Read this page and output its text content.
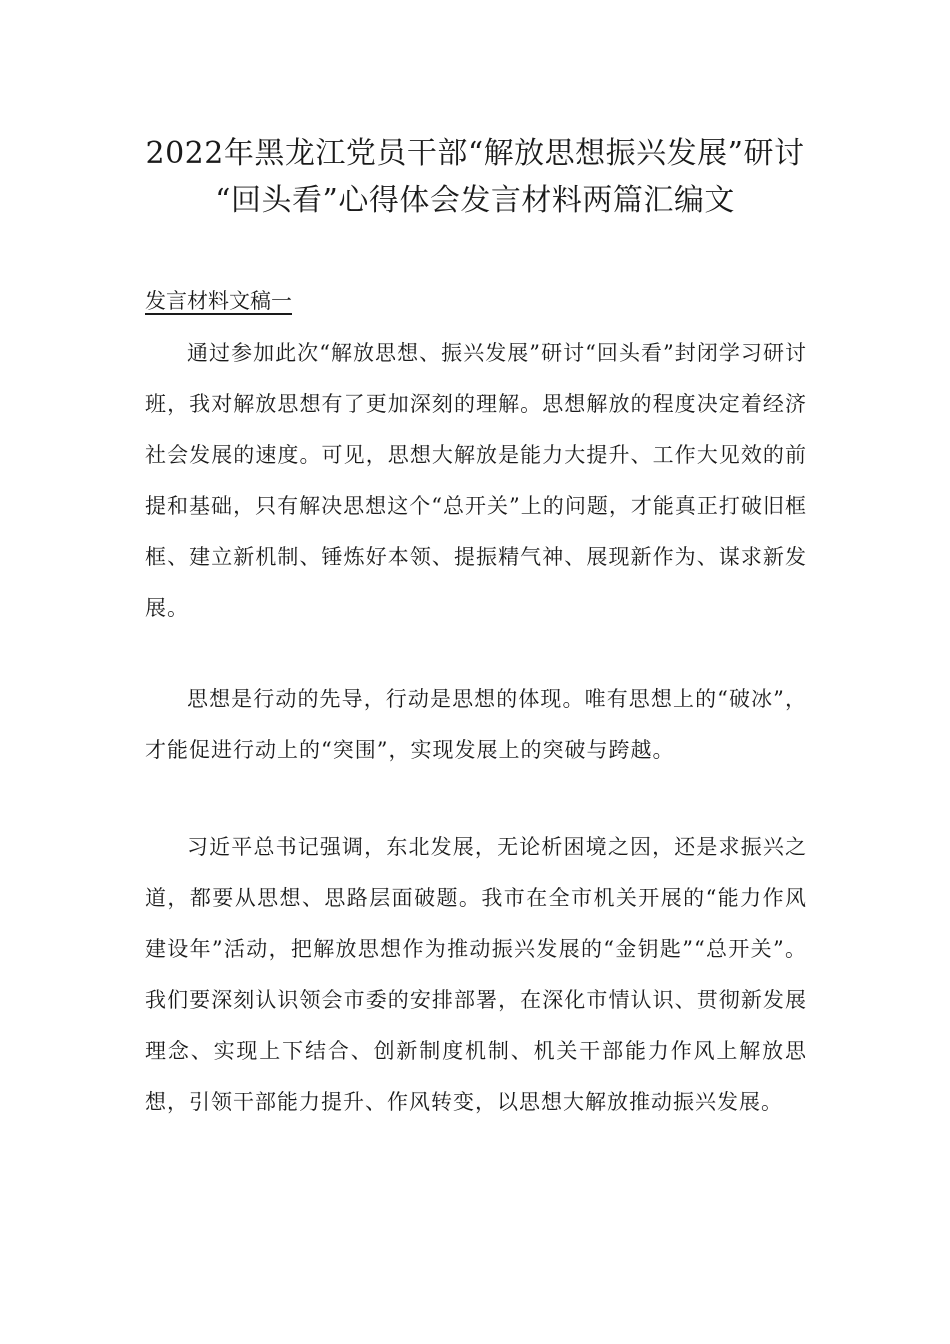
2022年黑龙江党员干部“解放思想振兴发展”研讨
“回头看”心得体会发言材料两篇汇编文
发言材料文稿一

通过参加此次“解放思想、振兴发展”研讨“回头看”封闭学习研讨班，我对解放思想有了更加深刻的理解。思想解放的程度决定着经济社会发展的速度。可见，思想大解放是能力大提升、工作大见效的前提和基础，只有解决思想这个“总开关”上的问题，才能真正打破旧框框、建立新机制、锤炼好本领、提振精气神、展现新作为、谋求新发展。

思想是行动的先导，行动是思想的体现。唯有思想上的“破冰”，才能促进行动上的“突围”，实现发展上的突破与跨越。

习近平总书记强调，东北发展，无论析困境之因，还是求振兴之道，都要从思想、思路层面破题。我市在全市机关开展的“能力作风建设年”活动，把解放思想作为推动振兴发展的“金钥匙”“总开关”。我们要深刻认识领会市委的安排部署，在深化市情认识、贯彻新发展理念、实现上下结合、创新制度机制、机关干部能力作风上解放思想，引领干部能力提升、作风转变，以思想大解放推动振兴发展。
